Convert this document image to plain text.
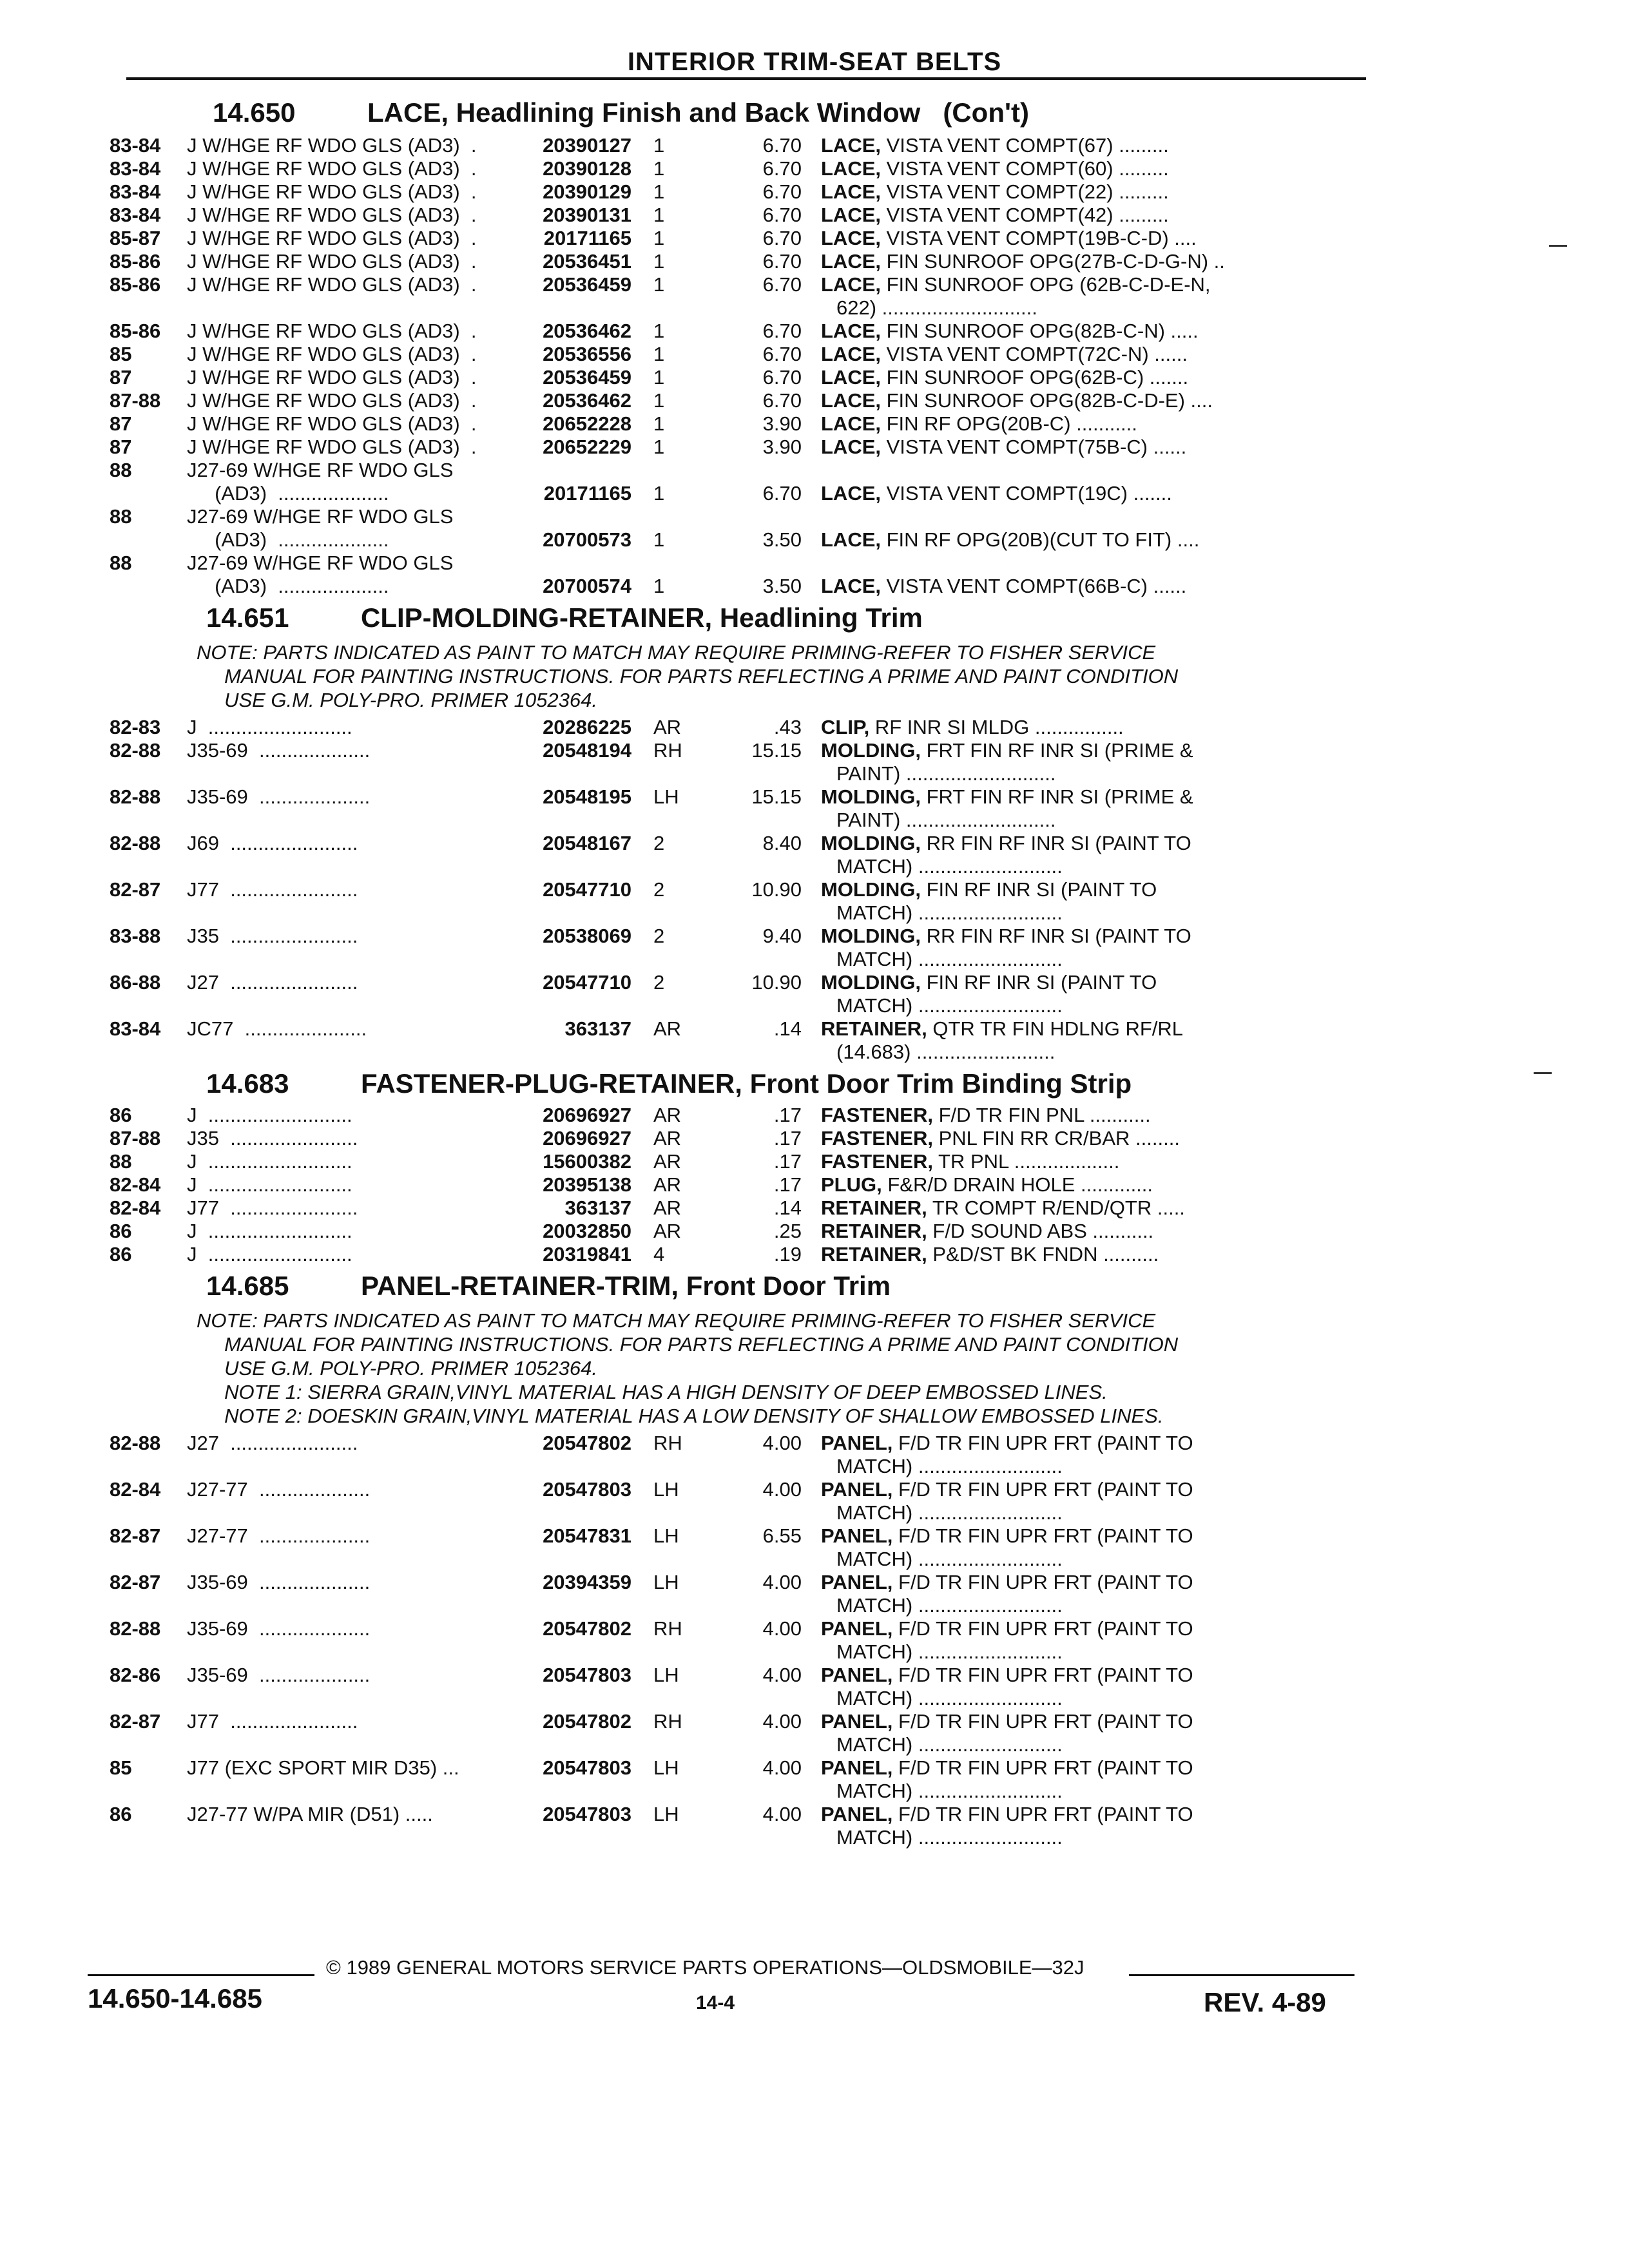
INTERIOR TRIM-SEAT BELTS
14.650	LACE, Headlining Finish and Back Window   (Con't)
83-84	J W/HGE RF WDO GLS (AD3)  .	20390127	1	6.70	LACE, VISTA VENT COMPT(67) .........

83-84	J W/HGE RF WDO GLS (AD3)  .	20390128	1	6.70	LACE, VISTA VENT COMPT(60) .........

83-84	J W/HGE RF WDO GLS (AD3)  .	20390129	1	6.70	LACE, VISTA VENT COMPT(22) .........

83-84	J W/HGE RF WDO GLS (AD3)  .	20390131	1	6.70	LACE, VISTA VENT COMPT(42) .........

85-87	J W/HGE RF WDO GLS (AD3)  .	20171165	1	6.70	LACE, VISTA VENT COMPT(19B-C-D) ....

85-86	J W/HGE RF WDO GLS (AD3)  .	20536451	1	6.70	LACE, FIN SUNROOF OPG(27B-C-D-G-N) ..

85-86	J W/HGE RF WDO GLS (AD3)  .	20536459	1	6.70	LACE, FIN SUNROOF OPG (62B-C-D-E-N,
622) ............................

85-86	J W/HGE RF WDO GLS (AD3)  .	20536462	1	6.70	LACE, FIN SUNROOF OPG(82B-C-N) .....

85	J W/HGE RF WDO GLS (AD3)  .	20536556	1	6.70	LACE, VISTA VENT COMPT(72C-N) ......

87	J W/HGE RF WDO GLS (AD3)  .	20536459	1	6.70	LACE, FIN SUNROOF OPG(62B-C) .......

87-88	J W/HGE RF WDO GLS (AD3)  .	20536462	1	6.70	LACE, FIN SUNROOF OPG(82B-C-D-E) ....

87	J W/HGE RF WDO GLS (AD3)  .	20652228	1	3.90	LACE, FIN RF OPG(20B-C) ...........

87	J W/HGE RF WDO GLS (AD3)  .	20652229	1	3.90	LACE, VISTA VENT COMPT(75B-C) ......

88	J27-69 W/HGE RF WDO GLS				

	(AD3)  ....................	20171165	1	6.70	LACE, VISTA VENT COMPT(19C) .......

88	J27-69 W/HGE RF WDO GLS				

	(AD3)  ....................	20700573	1	3.50	LACE, FIN RF OPG(20B)(CUT TO FIT) ....

88	J27-69 W/HGE RF WDO GLS				

	(AD3)  ....................	20700574	1	3.50	LACE, VISTA VENT COMPT(66B-C) ......
14.651	CLIP-MOLDING-RETAINER, Headlining Trim
NOTE: PARTS INDICATED AS PAINT TO MATCH MAY REQUIRE PRIMING-REFER TO FISHER SERVICE
MANUAL FOR PAINTING INSTRUCTIONS. FOR PARTS REFLECTING A PRIME AND PAINT CONDITION
USE G.M. POLY-PRO. PRIMER 1052364.
82-83	J  ..........................	20286225	AR	.43	CLIP, RF INR SI MLDG ................

82-88	J35-69  ....................	20548194	RH	15.15	MOLDING, FRT FIN RF INR SI (PRIME &
PAINT) ...........................

82-88	J35-69  ....................	20548195	LH	15.15	MOLDING, FRT FIN RF INR SI (PRIME &
PAINT) ...........................

82-88	J69  .......................	20548167	2	8.40	MOLDING, RR FIN RF INR SI (PAINT TO
MATCH) ..........................

82-87	J77  .......................	20547710	2	10.90	MOLDING, FIN RF INR SI (PAINT TO
MATCH) ..........................

83-88	J35  .......................	20538069	2	9.40	MOLDING, RR FIN RF INR SI (PAINT TO
MATCH) ..........................

86-88	J27  .......................	20547710	2	10.90	MOLDING, FIN RF INR SI (PAINT TO
MATCH) ..........................

83-84	JC77  ......................	363137	AR	.14	RETAINER, QTR TR FIN HDLNG RF/RL
(14.683) .........................
14.683	FASTENER-PLUG-RETAINER, Front Door Trim Binding Strip
86	J  ..........................	20696927	AR	.17	FASTENER, F/D TR FIN PNL ...........

87-88	J35  .......................	20696927	AR	.17	FASTENER, PNL FIN RR CR/BAR ........

88	J  ..........................	15600382	AR	.17	FASTENER, TR PNL ...................

82-84	J  ..........................	20395138	AR	.17	PLUG, F&R/D DRAIN HOLE .............

82-84	J77  .......................	363137	AR	.14	RETAINER, TR COMPT R/END/QTR .....

86	J  ..........................	20032850	AR	.25	RETAINER, F/D SOUND ABS ...........

86	J  ..........................	20319841	4	.19	RETAINER, P&D/ST BK FNDN ..........
14.685	PANEL-RETAINER-TRIM, Front Door Trim
NOTE: PARTS INDICATED AS PAINT TO MATCH MAY REQUIRE PRIMING-REFER TO FISHER SERVICE
MANUAL FOR PAINTING INSTRUCTIONS. FOR PARTS REFLECTING A PRIME AND PAINT CONDITION
USE G.M. POLY-PRO. PRIMER 1052364.
NOTE 1: SIERRA GRAIN,VINYL MATERIAL HAS A HIGH DENSITY OF DEEP EMBOSSED LINES.
NOTE 2: DOESKIN GRAIN,VINYL MATERIAL HAS A LOW DENSITY OF SHALLOW EMBOSSED LINES.
82-88	J27  .......................	20547802	RH	4.00	PANEL, F/D TR FIN UPR FRT (PAINT TO
MATCH) ..........................

82-84	J27-77  ....................	20547803	LH	4.00	PANEL, F/D TR FIN UPR FRT (PAINT TO
MATCH) ..........................

82-87	J27-77  ....................	20547831	LH	6.55	PANEL, F/D TR FIN UPR FRT (PAINT TO
MATCH) ..........................

82-87	J35-69  ....................	20394359	LH	4.00	PANEL, F/D TR FIN UPR FRT (PAINT TO
MATCH) ..........................

82-88	J35-69  ....................	20547802	RH	4.00	PANEL, F/D TR FIN UPR FRT (PAINT TO
MATCH) ..........................

82-86	J35-69  ....................	20547803	LH	4.00	PANEL, F/D TR FIN UPR FRT (PAINT TO
MATCH) ..........................

82-87	J77  .......................	20547802	RH	4.00	PANEL, F/D TR FIN UPR FRT (PAINT TO
MATCH) ..........................

85	J77 (EXC SPORT MIR D35) ...	20547803	LH	4.00	PANEL, F/D TR FIN UPR FRT (PAINT TO
MATCH) ..........................

86	J27-77 W/PA MIR (D51) .....	20547803	LH	4.00	PANEL, F/D TR FIN UPR FRT (PAINT TO
MATCH) ..........................
© 1989 GENERAL MOTORS SERVICE PARTS OPERATIONS—OLDSMOBILE—32J
14.650-14.685	14-4	REV. 4-89
